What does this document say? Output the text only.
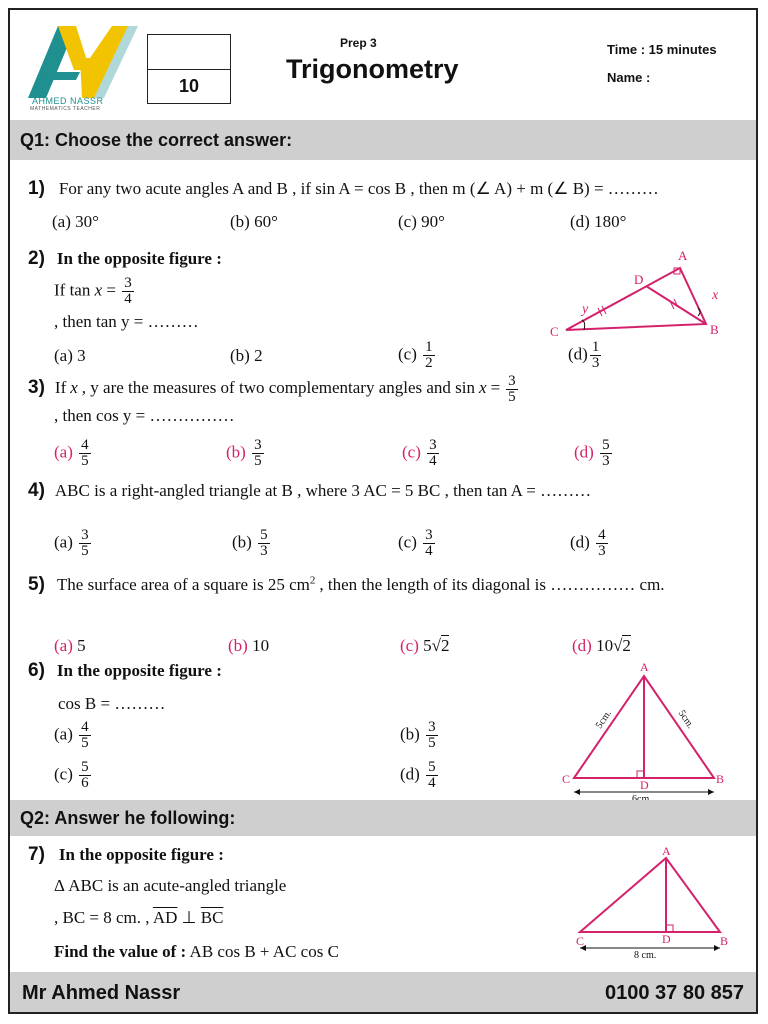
AHMED NASSR
MATHEMATICS TEACHER
10
Prep 3
Trigonometry
Time : 15 minutes
Name :
Q1: Choose the correct answer:
1) For any two acute angles A and B , if sin A = cos B , then m (∠ A) + m (∠ B) = ………
(a) 30°	(b) 60°	(c) 90°	(d) 180°
2) In the opposite figure :
If $\tan x = \frac{3}{4}$
, then tan y = ………
A
B
C
D
x
y
(a) 3	(b) 2	$(c) \frac{1}{2}$	$(d) \frac{1}{3}$
3) If x , y are the measures of two complementary angles and $\sin x = \frac{3}{5}$
, then cos y = ……………
$(a) \frac{4}{5}$	$(b) \frac{3}{5}$	$(c) \frac{3}{4}$	$(d) \frac{5}{3}$
4) ABC is a right-angled triangle at B , where 3 AC = 5 BC , then tan A = ………
$(a) \frac{3}{5}$	$(b) \frac{5}{3}$	$(c) \frac{3}{4}$	$(d) \frac{4}{3}$
5) The surface area of a square is 25 $cm^2$ , then the length of its diagonal is …………… cm.
(a) 5	(b) 10	(c) 5√2	(d) 10√2
6) In the opposite figure :
cos B = ………
$(a) \frac{4}{5}$	$(b) \frac{3}{5}$
$(c) \frac{5}{6}$	$(d) \frac{5}{4}$
A
B
C	D
5cm.	5cm.
Q2: Answer he following:
7) In the opposite figure :
Δ ABC is an acute-angled triangle
, BC = 8 cm. , $\overline{AD}$ ⊥ $\overline{BC}$
Find the value of : AB cos B + AC cos C
A
B
C	D
8 cm.
Mr Ahmed Nassr	0100 37 80 857
